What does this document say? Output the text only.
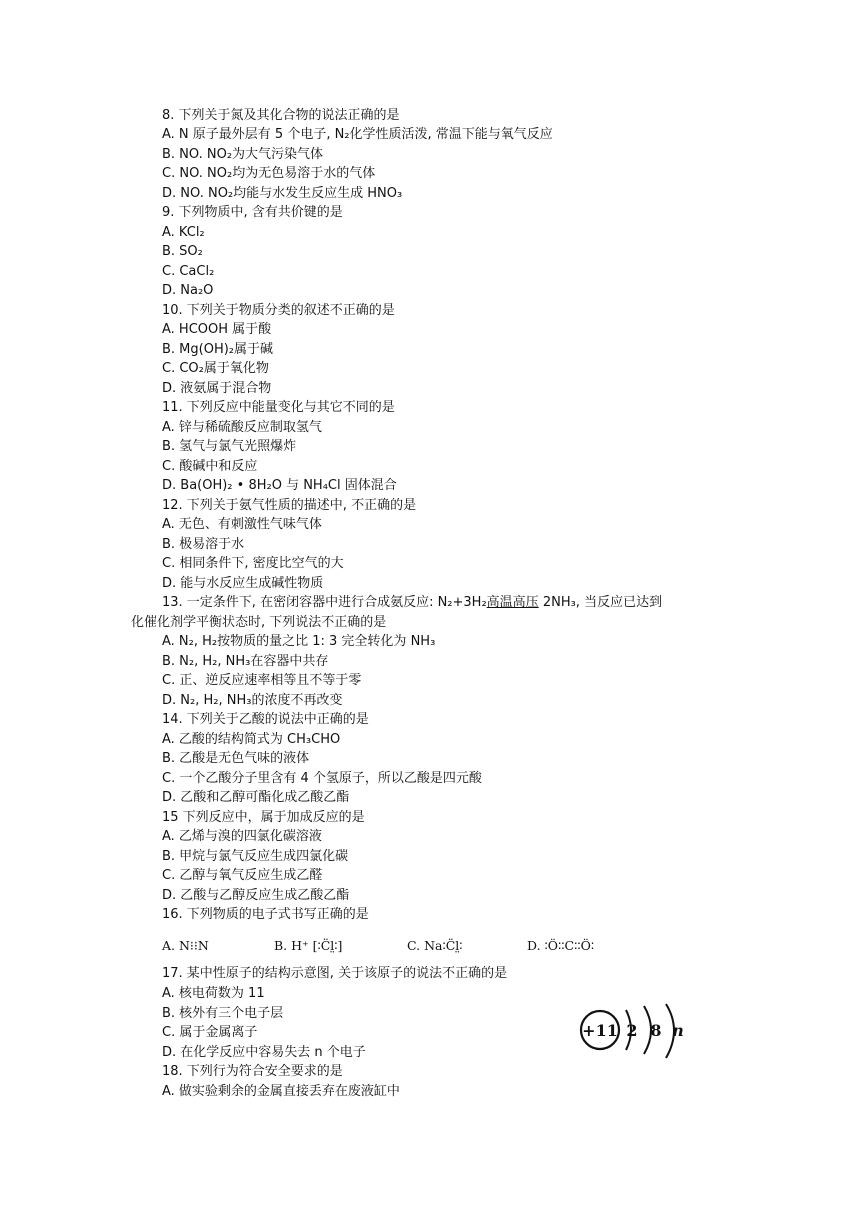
8. 下列关于氮及其化合物的说法正确的是
A. N 原子最外层有 5 个电子, N₂化学性质活泼, 常温下能与氧气反应
B. NO. NO₂为大气污染气体
C. NO. NO₂均为无色易溶于水的气体
D. NO. NO₂均能与水发生反应生成 HNO₃
9. 下列物质中, 含有共价键的是
A. KCl₂
B. SO₂
C. CaCl₂
D. Na₂O
10. 下列关于物质分类的叙述不正确的是
A. HCOOH 属于酸
B. Mg(OH)₂属于碱
C. CO₂属于氧化物
D. 液氨属于混合物
11. 下列反应中能量变化与其它不同的是
A. 锌与稀硫酸反应制取氢气
B. 氢气与氯气光照爆炸
C. 酸碱中和反应
D. Ba(OH)₂ • 8H₂O 与 NH₄Cl 固体混合
12. 下列关于氨气性质的描述中, 不正确的是
A. 无色、有刺激性气味气体
B. 极易溶于水
C. 相同条件下, 密度比空气的大
D. 能与水反应生成碱性物质
13. 一定条件下, 在密闭容器中进行合成氨反应: N₂+3H₂高温高压 2NH₃, 当反应已达到
化催化剂学平衡状态时, 下列说法不正确的是
A. N₂, H₂按物质的量之比 1: 3 完全转化为 NH₃
B. N₂, H₂, NH₃在容器中共存
C. 正、逆反应速率相等且不等于零
D. N₂, H₂, NH₃的浓度不再改变
14. 下列关于乙酸的说法中正确的是
A. 乙酸的结构简式为 CH₃CHO
B. 乙酸是无色气味的液体
C. 一个乙酸分子里含有 4 个氢原子，所以乙酸是四元酸
D. 乙酸和乙醇可酯化成乙酸乙酯
15 下列反应中，属于加成反应的是
A. 乙烯与溴的四氯化碳溶液
B. 甲烷与氯气反应生成四氯化碳
C. 乙醇与氧气反应生成乙醛
D. 乙酸与乙醇反应生成乙酸乙酯
16. 下列物质的电子式书写正确的是
A. N⁝⁝N	B. H⁺ [∶C̈l̤∶]	C. Na∶C̈l̤∶	D. ∶Ö∶∶C∶∶Ö∶
17. 某中性原子的结构示意图, 关于该原子的说法不正确的是
A. 核电荷数为 11
B. 核外有三个电子层
C. 属于金属离子
D. 在化学反应中容易失去 n 个电子
18. 下列行为符合安全要求的是
A. 做实验剩余的金属直接丢弃在废液缸中
+11 2 8 n
